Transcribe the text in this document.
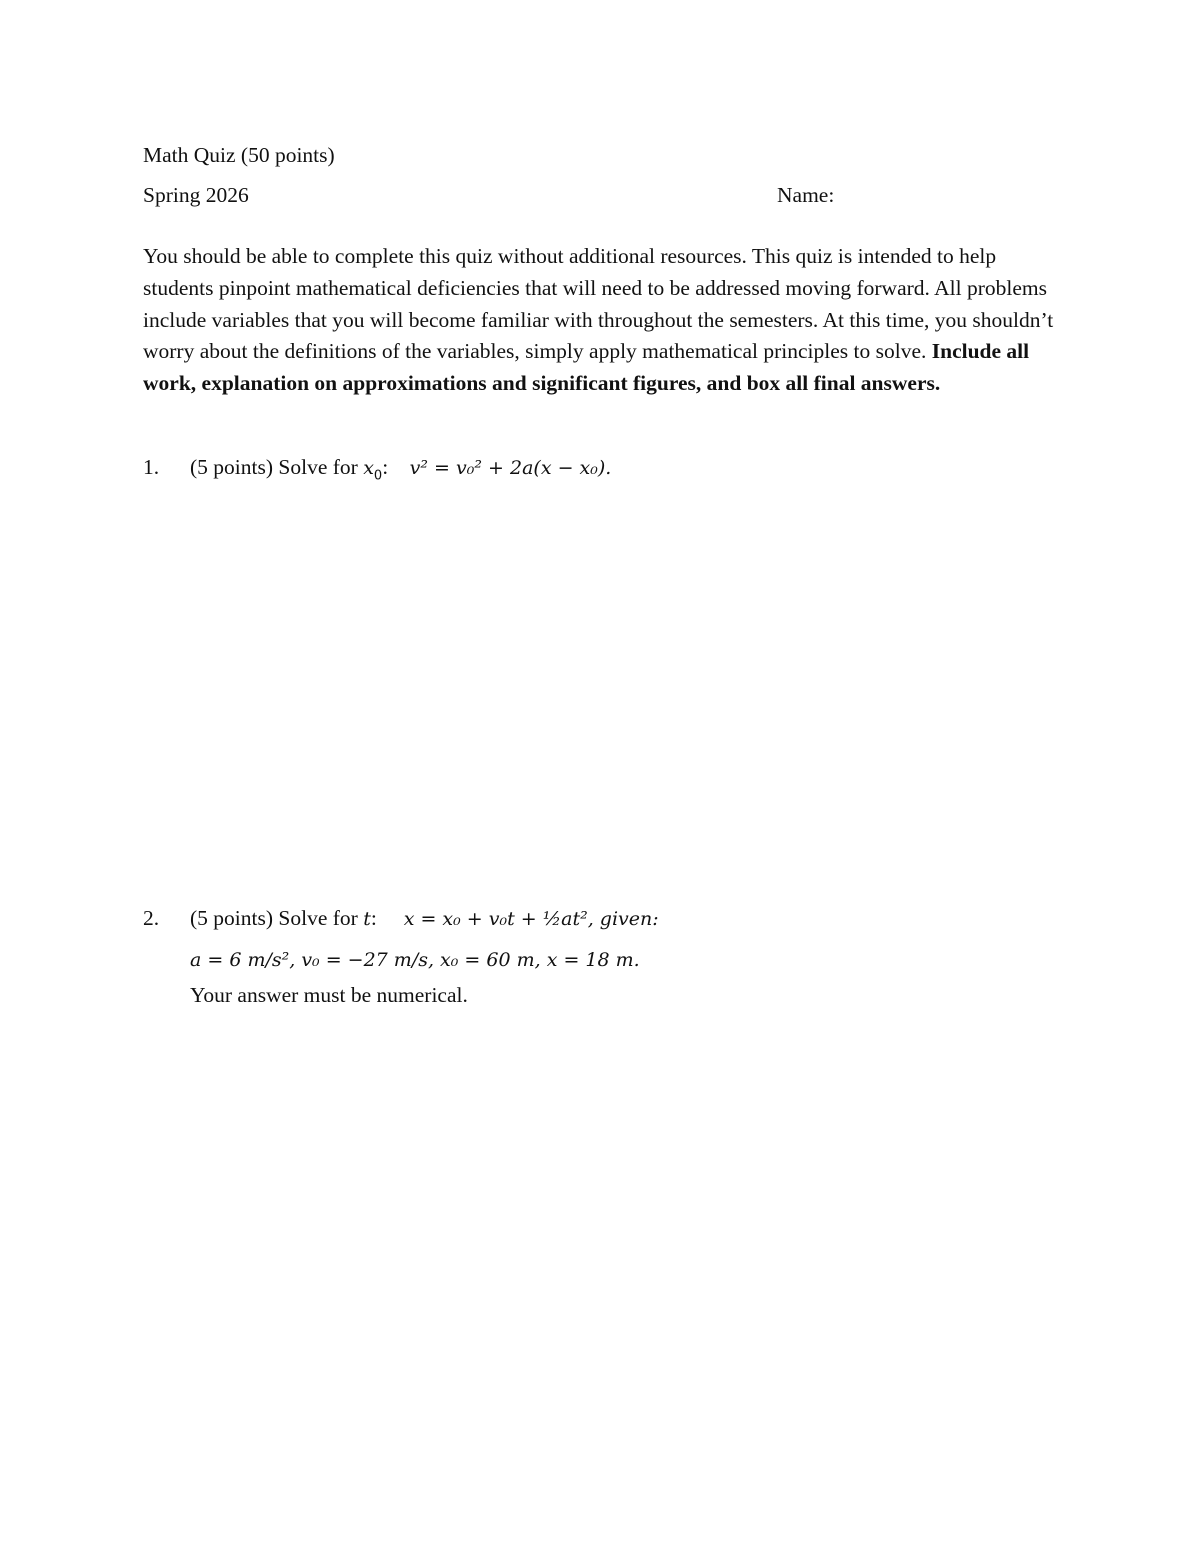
Math Quiz (50 points)
Spring 2026	Name:
You should be able to complete this quiz without additional resources. This quiz is intended to help students pinpoint mathematical deficiencies that will need to be addressed moving forward. All problems include variables that you will become familiar with throughout the semesters. At this time, you shouldn’t worry about the definitions of the variables, simply apply mathematical principles to solve. Include all work, explanation on approximations and significant figures, and box all final answers.
1. (5 points) Solve for $x_0$:    v² = v₀² + 2a(x − x₀).
2. (5 points) Solve for t:     x = x₀ + v₀t + ½at², given:
a = 6 m/s², v₀ = −27 m/s, x₀ = 60 m, x = 18 m.
Your answer must be numerical.
